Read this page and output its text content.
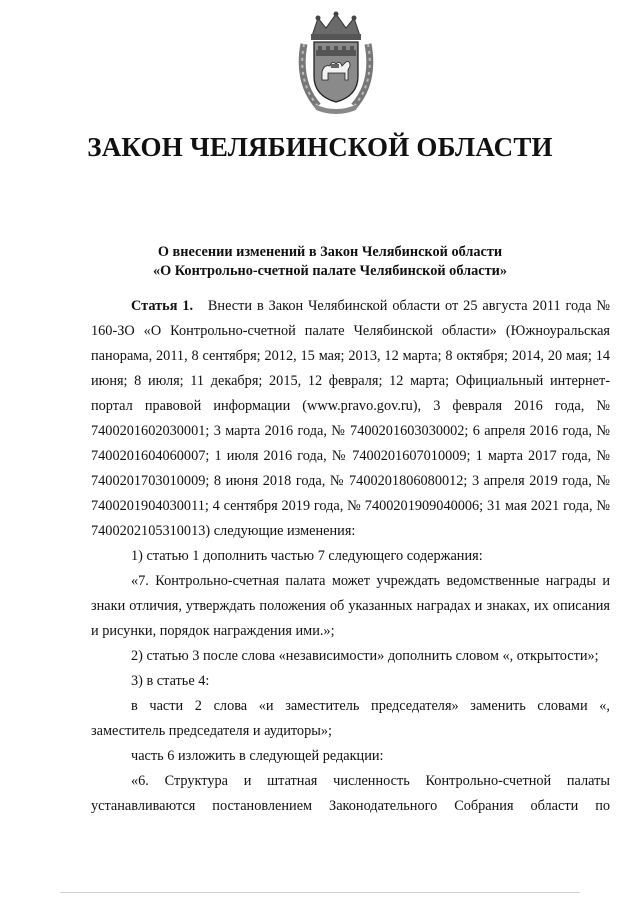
ЗАКОН ЧЕЛЯБИНСКОЙ ОБЛАСТИ
О внесении изменений в Закон Челябинской области
«О Контрольно-счетной палате Челябинской области»

Статья 1. Внести в Закон Челябинской области от 25 августа 2011 года № 160-ЗО «О Контрольно-счетной палате Челябинской области» (Южноуральская панорама, 2011, 8 сентября; 2012, 15 мая; 2013, 12 марта; 8 октября; 2014, 20 мая; 14 июня; 8 июля; 11 декабря; 2015, 12 февраля; 12 марта; Официальный интернет-портал правовой информации (www.pravo.gov.ru), 3 февраля 2016 года, № 7400201602030001; 3 марта 2016 года, № 7400201603030002; 6 апреля 2016 года, № 7400201604060007; 1 июля 2016 года, № 7400201607010009; 1 марта 2017 года, № 7400201703010009; 8 июня 2018 года, № 7400201806080012; 3 апреля 2019 года, № 7400201904030011; 4 сентября 2019 года, № 7400201909040006; 31 мая 2021 года, № 7400202105310013) следующие изменения:

1) статью 1 дополнить частью 7 следующего содержания:

«7. Контрольно-счетная палата может учреждать ведомственные награды и знаки отличия, утверждать положения об указанных наградах и знаках, их описания и рисунки, порядок награждения ими.»;

2) статью 3 после слова «независимости» дополнить словом «, открытости»;

3) в статье 4:

в части 2 слова «и заместитель председателя» заменить словами «, заместитель председателя и аудиторы»;

часть 6 изложить в следующей редакции:

«6. Структура и штатная численность Контрольно-счетной палаты

устанавливаются постановлением Законодательного Собрания области по
